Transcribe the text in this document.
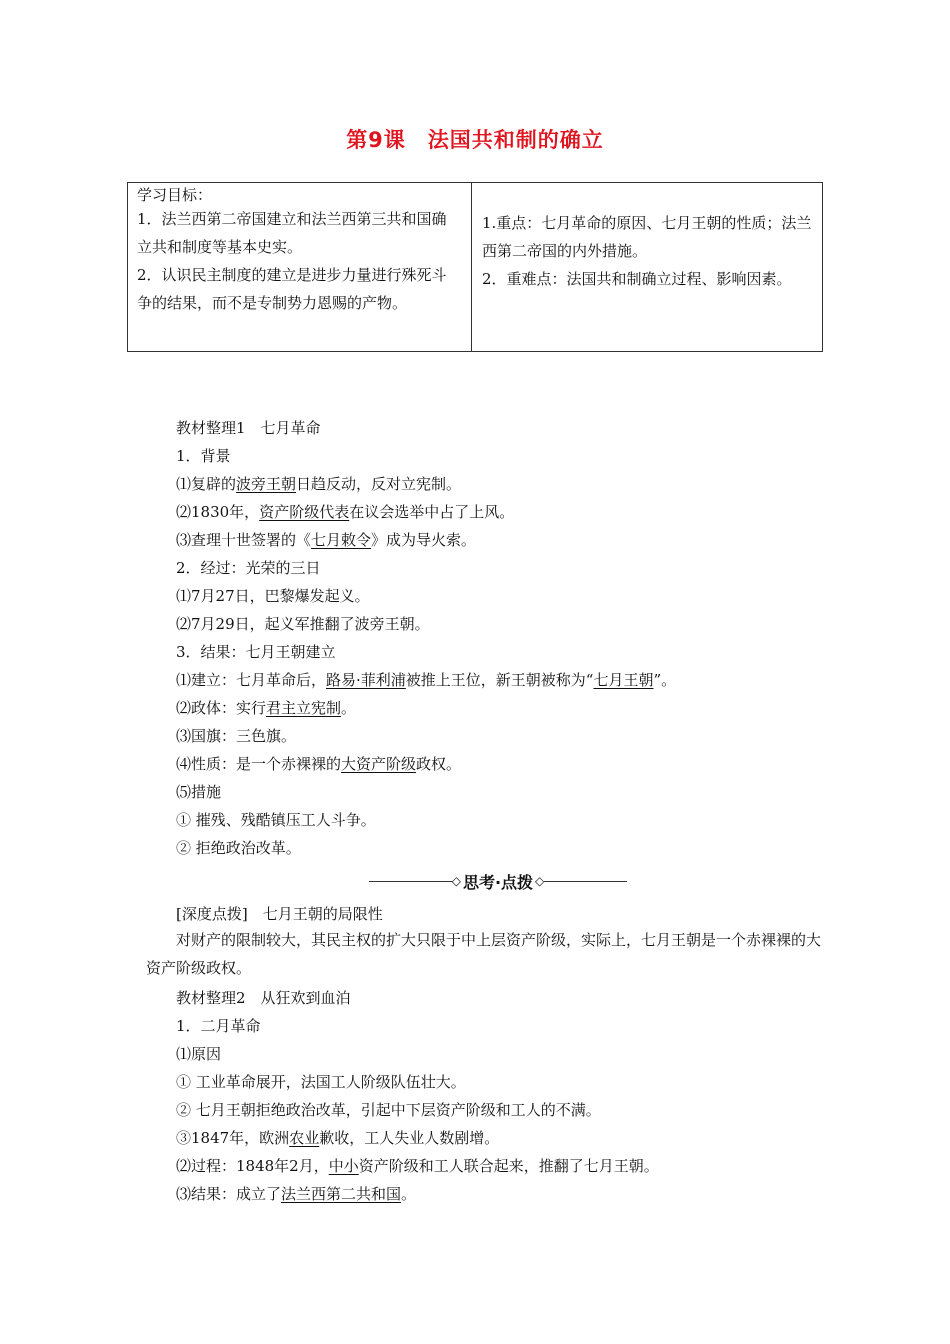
第9课　法国共和制的确立
学习目标：
1．法兰西第二帝国建立和法兰西第三共和国确立共和制度等基本史实。
2．认识民主制度的建立是进步力量进行殊死斗争的结果，而不是专制势力恩赐的产物。
1.重点：七月革命的原因、七月王朝的性质；法兰西第二帝国的内外措施。
2．重难点：法国共和制确立过程、影响因素。
教材整理1　七月革命
1．背景
⑴复辟的波旁王朝日趋反动，反对立宪制。
⑵1830年，资产阶级代表在议会选举中占了上风。
⑶查理十世签署的《七月敕令》成为导火索。
2．经过：光荣的三日
⑴7月27日，巴黎爆发起义。
⑵7月29日，起义军推翻了波旁王朝。
3．结果：七月王朝建立
⑴建立：七月革命后，路易·菲利浦被推上王位，新王朝被称为“七月王朝”。
⑵政体：实行君主立宪制。
⑶国旗：三色旗。
⑷性质：是一个赤裸裸的大资产阶级政权。
⑸措施
① 摧残、残酷镇压工人斗争。
② 拒绝政治改革。
◇ 思考·点拨 ◇
[深度点拨]　七月王朝的局限性
对财产的限制较大，其民主权的扩大只限于中上层资产阶级，实际上，七月王朝是一个赤裸裸的大资产阶级政权。
教材整理2　从狂欢到血泊
1．二月革命
⑴原因
① 工业革命展开，法国工人阶级队伍壮大。
② 七月王朝拒绝政治改革，引起中下层资产阶级和工人的不满。
③1847年，欧洲农业歉收，工人失业人数剧增。
⑵过程：1848年2月，中小资产阶级和工人联合起来，推翻了七月王朝。
⑶结果：成立了法兰西第二共和国。
